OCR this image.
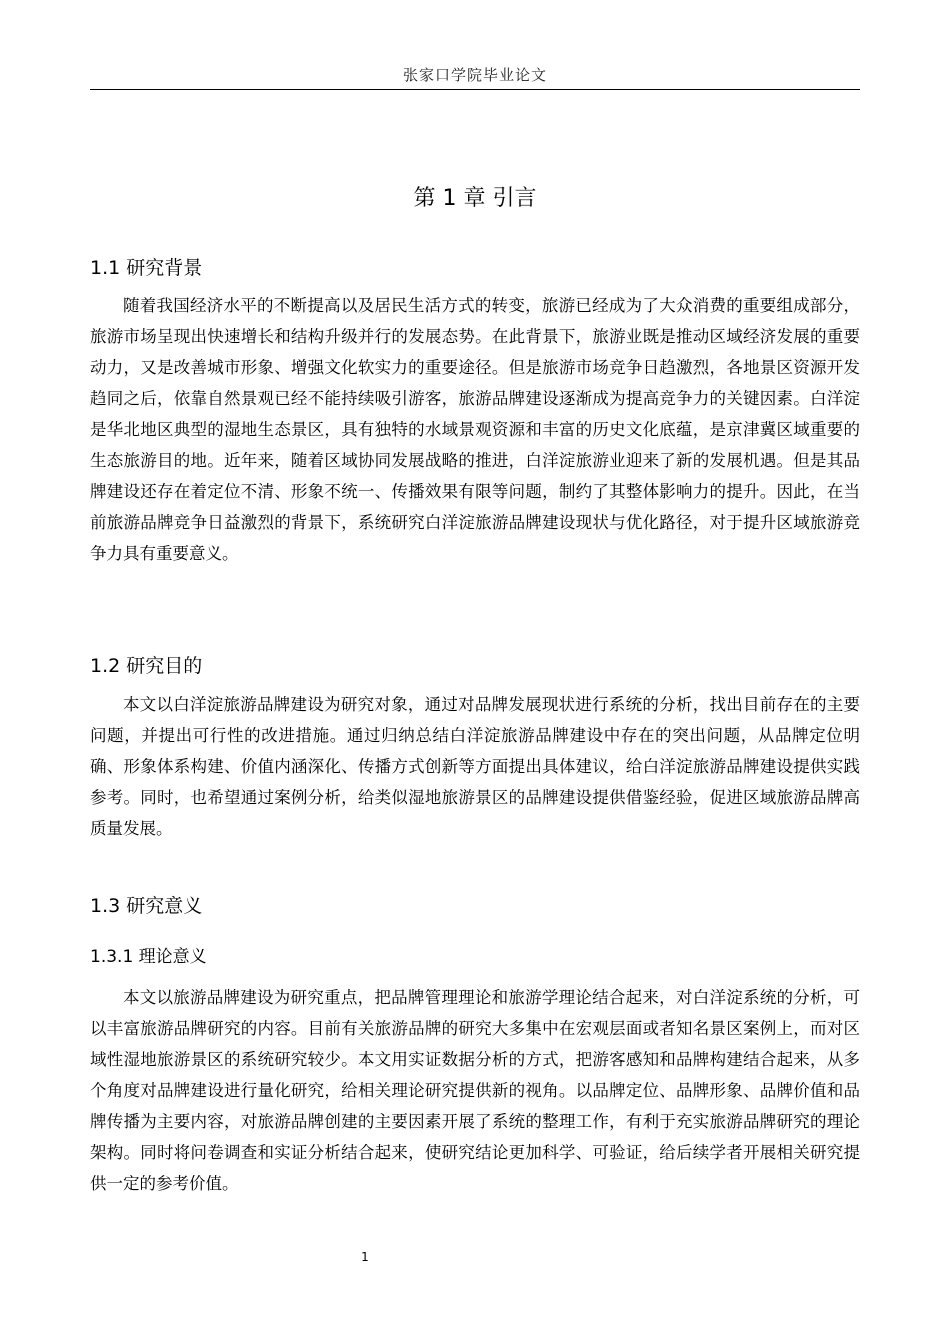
张家口学院毕业论文
第 1 章 引言
1.1 研究背景

随着我国经济水平的不断提高以及居民生活方式的转变，旅游已经成为了大众消费的重要组成部分，旅游市场呈现出快速增长和结构升级并行的发展态势。在此背景下，旅游业既是推动区域经济发展的重要动力，又是改善城市形象、增强文化软实力的重要途径。但是旅游市场竞争日趋激烈，各地景区资源开发趋同之后，依靠自然景观已经不能持续吸引游客，旅游品牌建设逐渐成为提高竞争力的关键因素。白洋淀是华北地区典型的湿地生态景区，具有独特的水域景观资源和丰富的历史文化底蕴，是京津冀区域重要的生态旅游目的地。近年来，随着区域协同发展战略的推进，白洋淀旅游业迎来了新的发展机遇。但是其品牌建设还存在着定位不清、形象不统一、传播效果有限等问题，制约了其整体影响力的提升。因此，在当前旅游品牌竞争日益激烈的背景下，系统研究白洋淀旅游品牌建设现状与优化路径，对于提升区域旅游竞争力具有重要意义。

1.2 研究目的

本文以白洋淀旅游品牌建设为研究对象，通过对品牌发展现状进行系统的分析，找出目前存在的主要问题，并提出可行性的改进措施。通过归纳总结白洋淀旅游品牌建设中存在的突出问题，从品牌定位明确、形象体系构建、价值内涵深化、传播方式创新等方面提出具体建议，给白洋淀旅游品牌建设提供实践参考。同时，也希望通过案例分析，给类似湿地旅游景区的品牌建设提供借鉴经验，促进区域旅游品牌高质量发展。

1.3 研究意义
1.3.1 理论意义

本文以旅游品牌建设为研究重点，把品牌管理理论和旅游学理论结合起来，对白洋淀系统的分析，可以丰富旅游品牌研究的内容。目前有关旅游品牌的研究大多集中在宏观层面或者知名景区案例上，而对区域性湿地旅游景区的系统研究较少。本文用实证数据分析的方式，把游客感知和品牌构建结合起来，从多个角度对品牌建设进行量化研究，给相关理论研究提供新的视角。以品牌定位、品牌形象、品牌价值和品牌传播为主要内容，对旅游品牌创建的主要因素开展了系统的整理工作，有利于充实旅游品牌研究的理论架构。同时将问卷调查和实证分析结合起来，使研究结论更加科学、可验证，给后续学者开展相关研究提供一定的参考价值。

1
